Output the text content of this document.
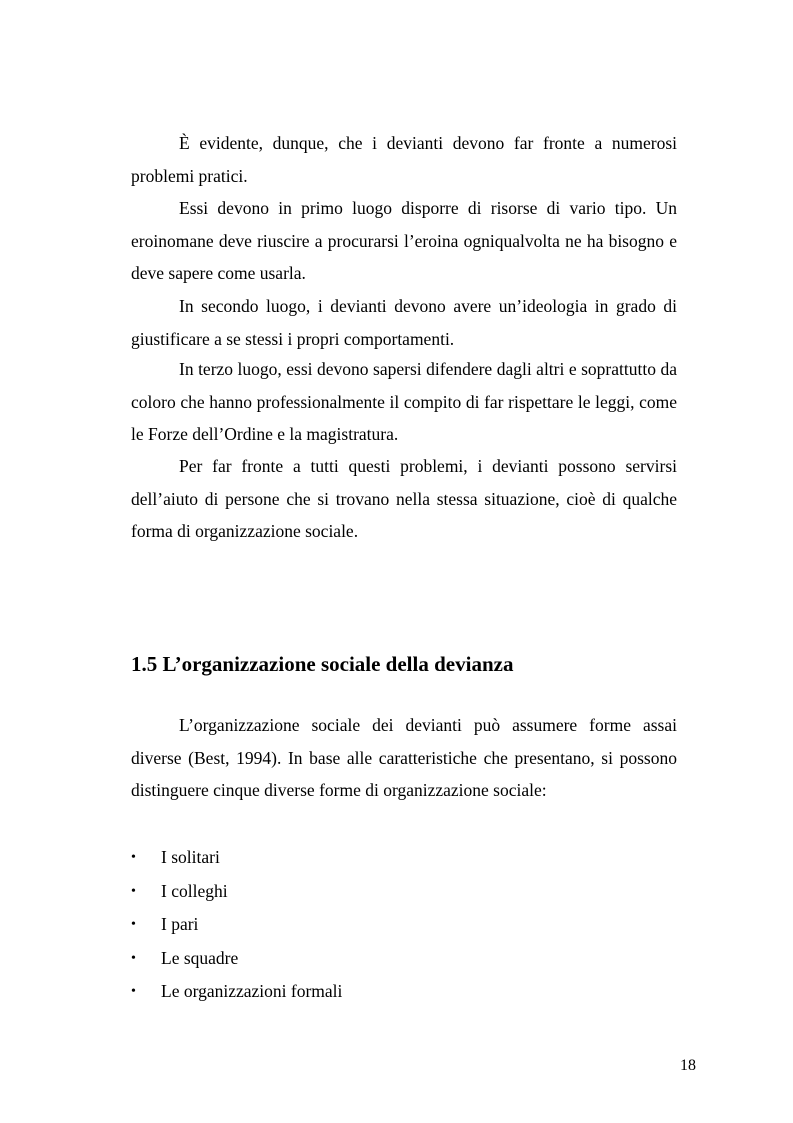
È evidente, dunque, che i devianti devono far fronte a numerosi problemi pratici.

Essi devono in primo luogo disporre di risorse di vario tipo. Un eroinomane deve riuscire a procurarsi l’eroina ogniqualvolta ne ha bisogno e deve sapere come usarla.

In secondo luogo, i devianti devono avere un’ideologia in grado di giustificare a se stessi i propri comportamenti.

In terzo luogo, essi devono sapersi difendere dagli altri e soprattutto da coloro che hanno professionalmente il compito di far rispettare le leggi, come le Forze dell’Ordine e la magistratura.

Per far fronte a tutti questi problemi, i devianti possono servirsi dell’aiuto di persone che si trovano nella stessa situazione, cioè di qualche forma di organizzazione sociale.

1.5 L’organizzazione sociale della devianza

L’organizzazione sociale dei devianti può assumere forme assai diverse (Best, 1994). In base alle caratteristiche che presentano, si possono distinguere cinque diverse forme di organizzazione sociale:

• I solitari
• I colleghi
• I pari
• Le squadre
• Le organizzazioni formali
18
